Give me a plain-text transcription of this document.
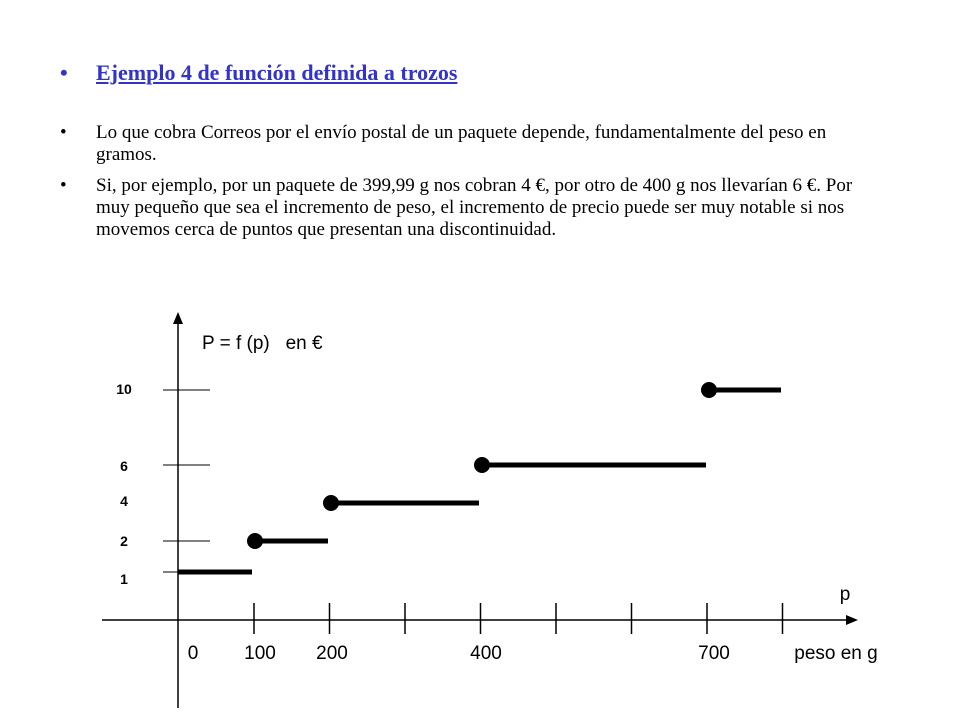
•	Ejemplo 4 de función definida a trozos
•	Lo que cobra Correos por el envío postal de un paquete depende, fundamentalmente del peso en gramos.
•	Si, por ejemplo, por un paquete de 399,99 g nos cobran 4 €, por otro de 400 g nos llevarían 6 €. Por muy pequeño que sea el incremento de peso, el incremento de precio puede ser muy notable si nos movemos cerca de puntos que presentan una discontinuidad.
1
2
4
6
10
0 100 200	400	700	peso en g
p
P = f (p)   en €
